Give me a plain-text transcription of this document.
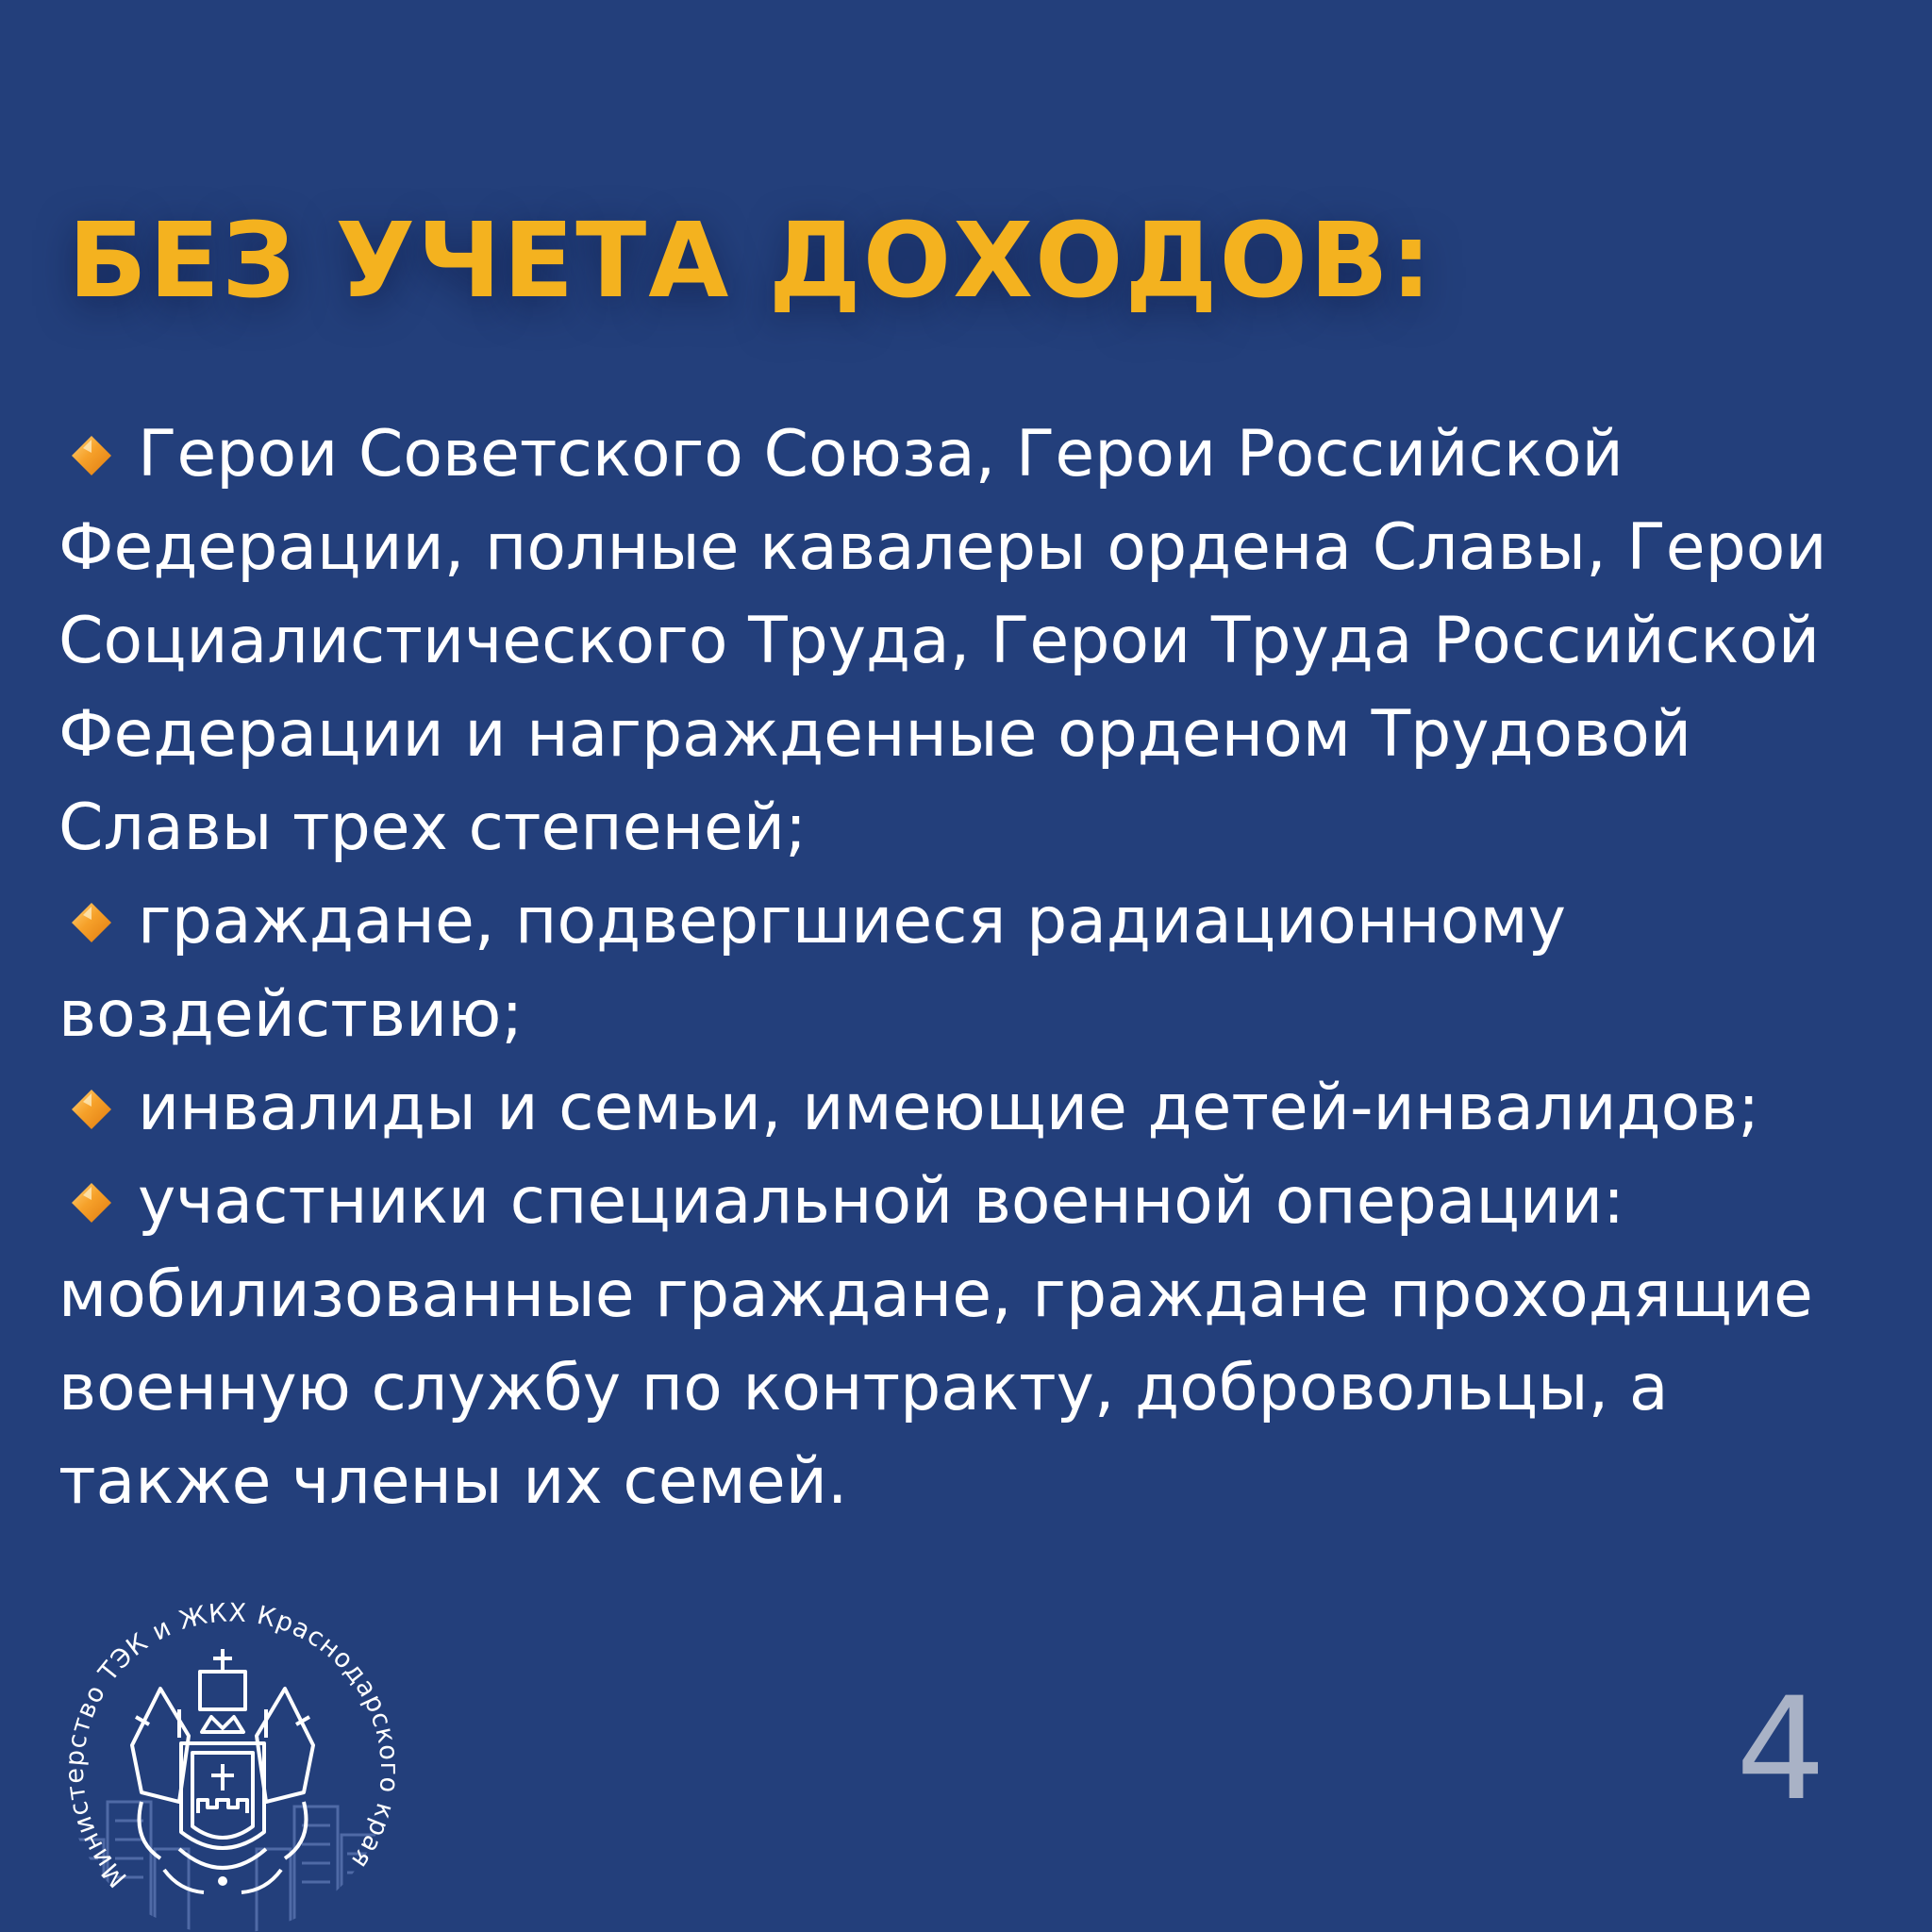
БЕЗ УЧЕТА ДОХОДОВ:

Герои Советского Союза, Герои Российской Федерации, полные кавалеры ордена Славы, Герои Социалистического Труда, Герои Труда Российской Федерации и награжденные орденом Трудовой Славы трех степеней;

граждане, подвергшиеся радиационному воздействию;

инвалиды и семьи, имеющие детей-инвалидов;

участники специальной военной операции: мобилизованные граждане, граждане проходящие военную службу по контракту, добровольцы, а также члены их семей.

Министерство ТЭК и ЖКХ Краснодарского края
4
